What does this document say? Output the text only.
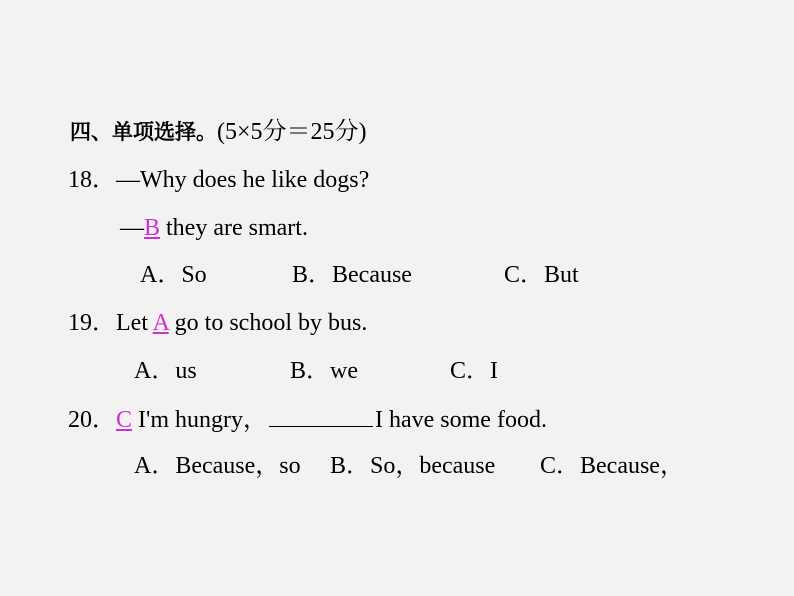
四、单项选择。(5×5分＝25分)
18．—Why does he like dogs?
—B they are smart.
A．So	B．Because	C．But
19．Let A go to school by bus.
A．us	B．we	C．I
20．C I'm hungry，	I have some food.
A．Because，so B．So，because C．Because，
